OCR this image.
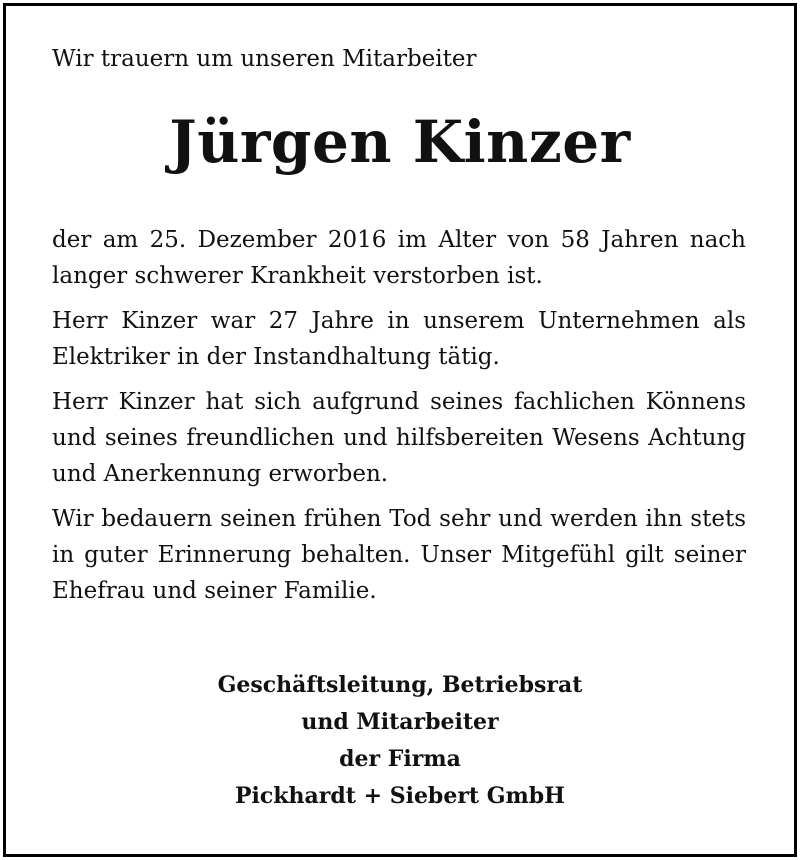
Wir trauern um unseren Mitarbeiter
Jürgen Kinzer

der am 25. Dezember 2016 im Alter von 58 Jahren nach langer schwerer Krankheit verstorben ist.

Herr Kinzer war 27 Jahre in unserem Unternehmen als Elektriker in der Instandhaltung tätig.

Herr Kinzer hat sich aufgrund seines fachlichen Könnens und seines freundlichen und hilfsbereiten Wesens Achtung und Anerkennung erworben.

Wir bedauern seinen frühen Tod sehr und werden ihn stets in guter Erinnerung behalten. Unser Mitgefühl gilt seiner Ehefrau und seiner Familie.

Geschäftsleitung, Betriebsrat
und Mitarbeiter
der Firma
Pickhardt + Siebert GmbH
